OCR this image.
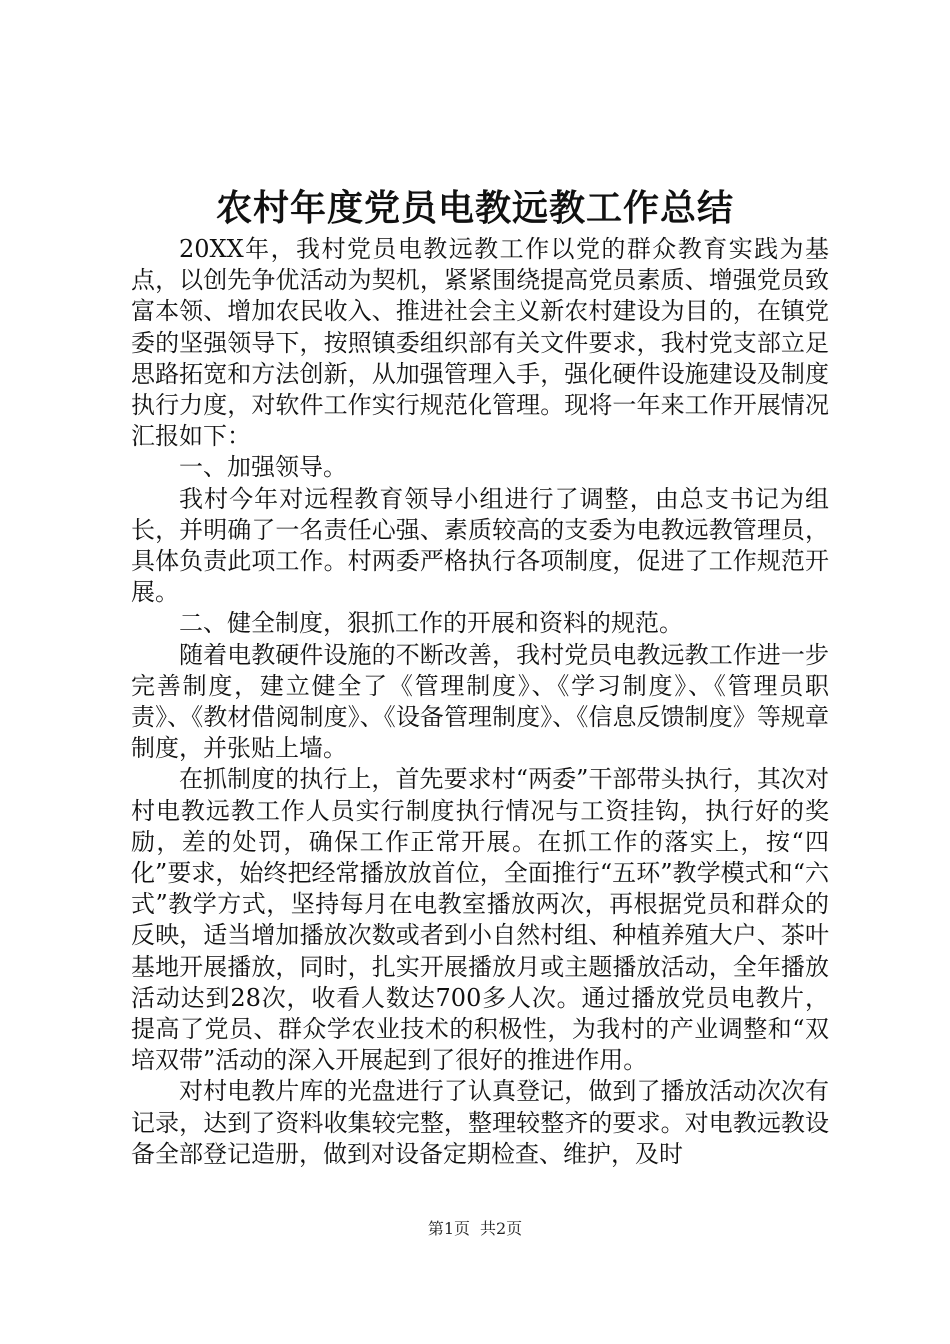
农村年度党员电教远教工作总结

20XX年，我村党员电教远教工作以党的群众教育实践为基点，以创先争优活动为契机，紧紧围绕提高党员素质、增强党员致富本领、增加农民收入、推进社会主义新农村建设为目的，在镇党委的坚强领导下，按照镇委组织部有关文件要求，我村党支部立足思路拓宽和方法创新，从加强管理入手，强化硬件设施建设及制度执行力度，对软件工作实行规范化管理。现将一年来工作开展情况汇报如下：

一、加强领导。

我村今年对远程教育领导小组进行了调整，由总支书记为组长，并明确了一名责任心强、素质较高的支委为电教远教管理员，具体负责此项工作。村两委严格执行各项制度，促进了工作规范开展。

二、健全制度，狠抓工作的开展和资料的规范。

随着电教硬件设施的不断改善，我村党员电教远教工作进一步完善制度，建立健全了《管理制度》、《学习制度》、《管理员职责》、《教材借阅制度》、《设备管理制度》、《信息反馈制度》等规章制度，并张贴上墙。

在抓制度的执行上，首先要求村“两委”干部带头执行，其次对村电教远教工作人员实行制度执行情况与工资挂钩，执行好的奖励，差的处罚，确保工作正常开展。在抓工作的落实上，按“四化”要求，始终把经常播放放首位，全面推行“五环”教学模式和“六式”教学方式，坚持每月在电教室播放两次，再根据党员和群众的反映，适当增加播放次数或者到小自然村组、种植养殖大户、茶叶基地开展播放，同时，扎实开展播放月或主题播放活动，全年播放活动达到28次，收看人数达700多人次。通过播放党员电教片，提高了党员、群众学农业技术的积极性，为我村的产业调整和“双培双带”活动的深入开展起到了很好的推进作用。

对村电教片库的光盘进行了认真登记，做到了播放活动次次有记录，达到了资料收集较完整，整理较整齐的要求。对电教远教设备全部登记造册，做到对设备定期检查、维护，及时

第1页 共2页
